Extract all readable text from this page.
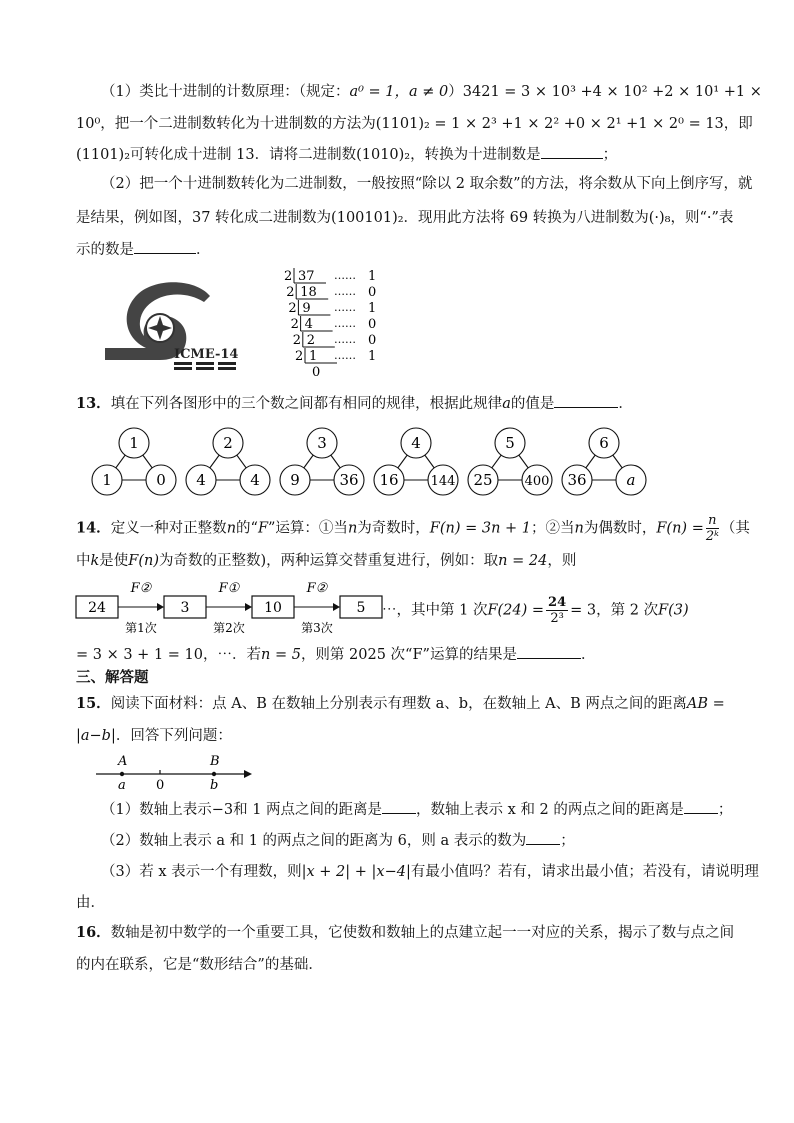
（1）类比十进制的计数原理：（规定：a⁰ = 1，a ≠ 0）3421 = 3 × 10³ +4 × 10² +2 × 10¹ +1 ×
10⁰，把一个二进制数转化为十进制数的方法为(1101)₂ = 1 × 2³ +1 × 2² +0 × 2¹ +1 × 2⁰ = 13，即
(1101)₂可转化成十进制 13．请将二进制数(1010)₂，转换为十进制数是	；
（2）把一个十进制数转化为二进制数，一般按照“除以 2 取余数”的方法，将余数从下向上倒序写，就
是结果，例如图，37 转化成二进制数为(100101)₂．现用此方法将 69 转换为八进制数为(·)₈，则“·”表
示的数是	．
ICME-14
2 37 …… 1
2 18 …… 0
2 9 …… 1
2 4 …… 0
2 2 …… 0
2 1 …… 1
0
13．填在下列各图形中的三个数之间都有相同的规律，根据此规律a的值是	．
1
1	0
2
4	4
3
9	36
4
16 144
5
25 400
6
36	a
14．定义一种对正整数n的“F”运算：①当n为奇数时，F(n) = 3n + 1；②当n为偶数时，$F(n) = \frac{n}{\text{2ᵏ}}$ （其
中k是使F(n)为奇数的正整数)，两种运算交替重复进行，例如：取n = 24，则
24
F②
第1次
3
F①
第2次
10
F②
第3次
5 ⋯，其中第 1 次$F(24) = \frac{24}{\text{2³}} = 3$，第 2 次F(3)
= 3 × 3 + 1 = 10，⋯．若n = 5，则第 2025 次“F”运算的结果是	．
三、解答题
15．阅读下面材料：点 A、B 在数轴上分别表示有理数 a、b，在数轴上 A、B 两点之间的距离AB =
|a−b|．回答下列问题：
A	B
a 0	b
（1）数轴上表示−3和 1 两点之间的距离是 ，数轴上表示 x 和 2 的两点之间的距离是 ；
（2）数轴上表示 a 和 1 的两点之间的距离为 6，则 a 表示的数为 ；
（3）若 x 表示一个有理数，则|x + 2| + |x−4|有最小值吗？若有，请求出最小值；若没有，请说明理
由．
16．数轴是初中数学的一个重要工具，它使数和数轴上的点建立起一一对应的关系，揭示了数与点之间
的内在联系，它是“数形结合”的基础．
